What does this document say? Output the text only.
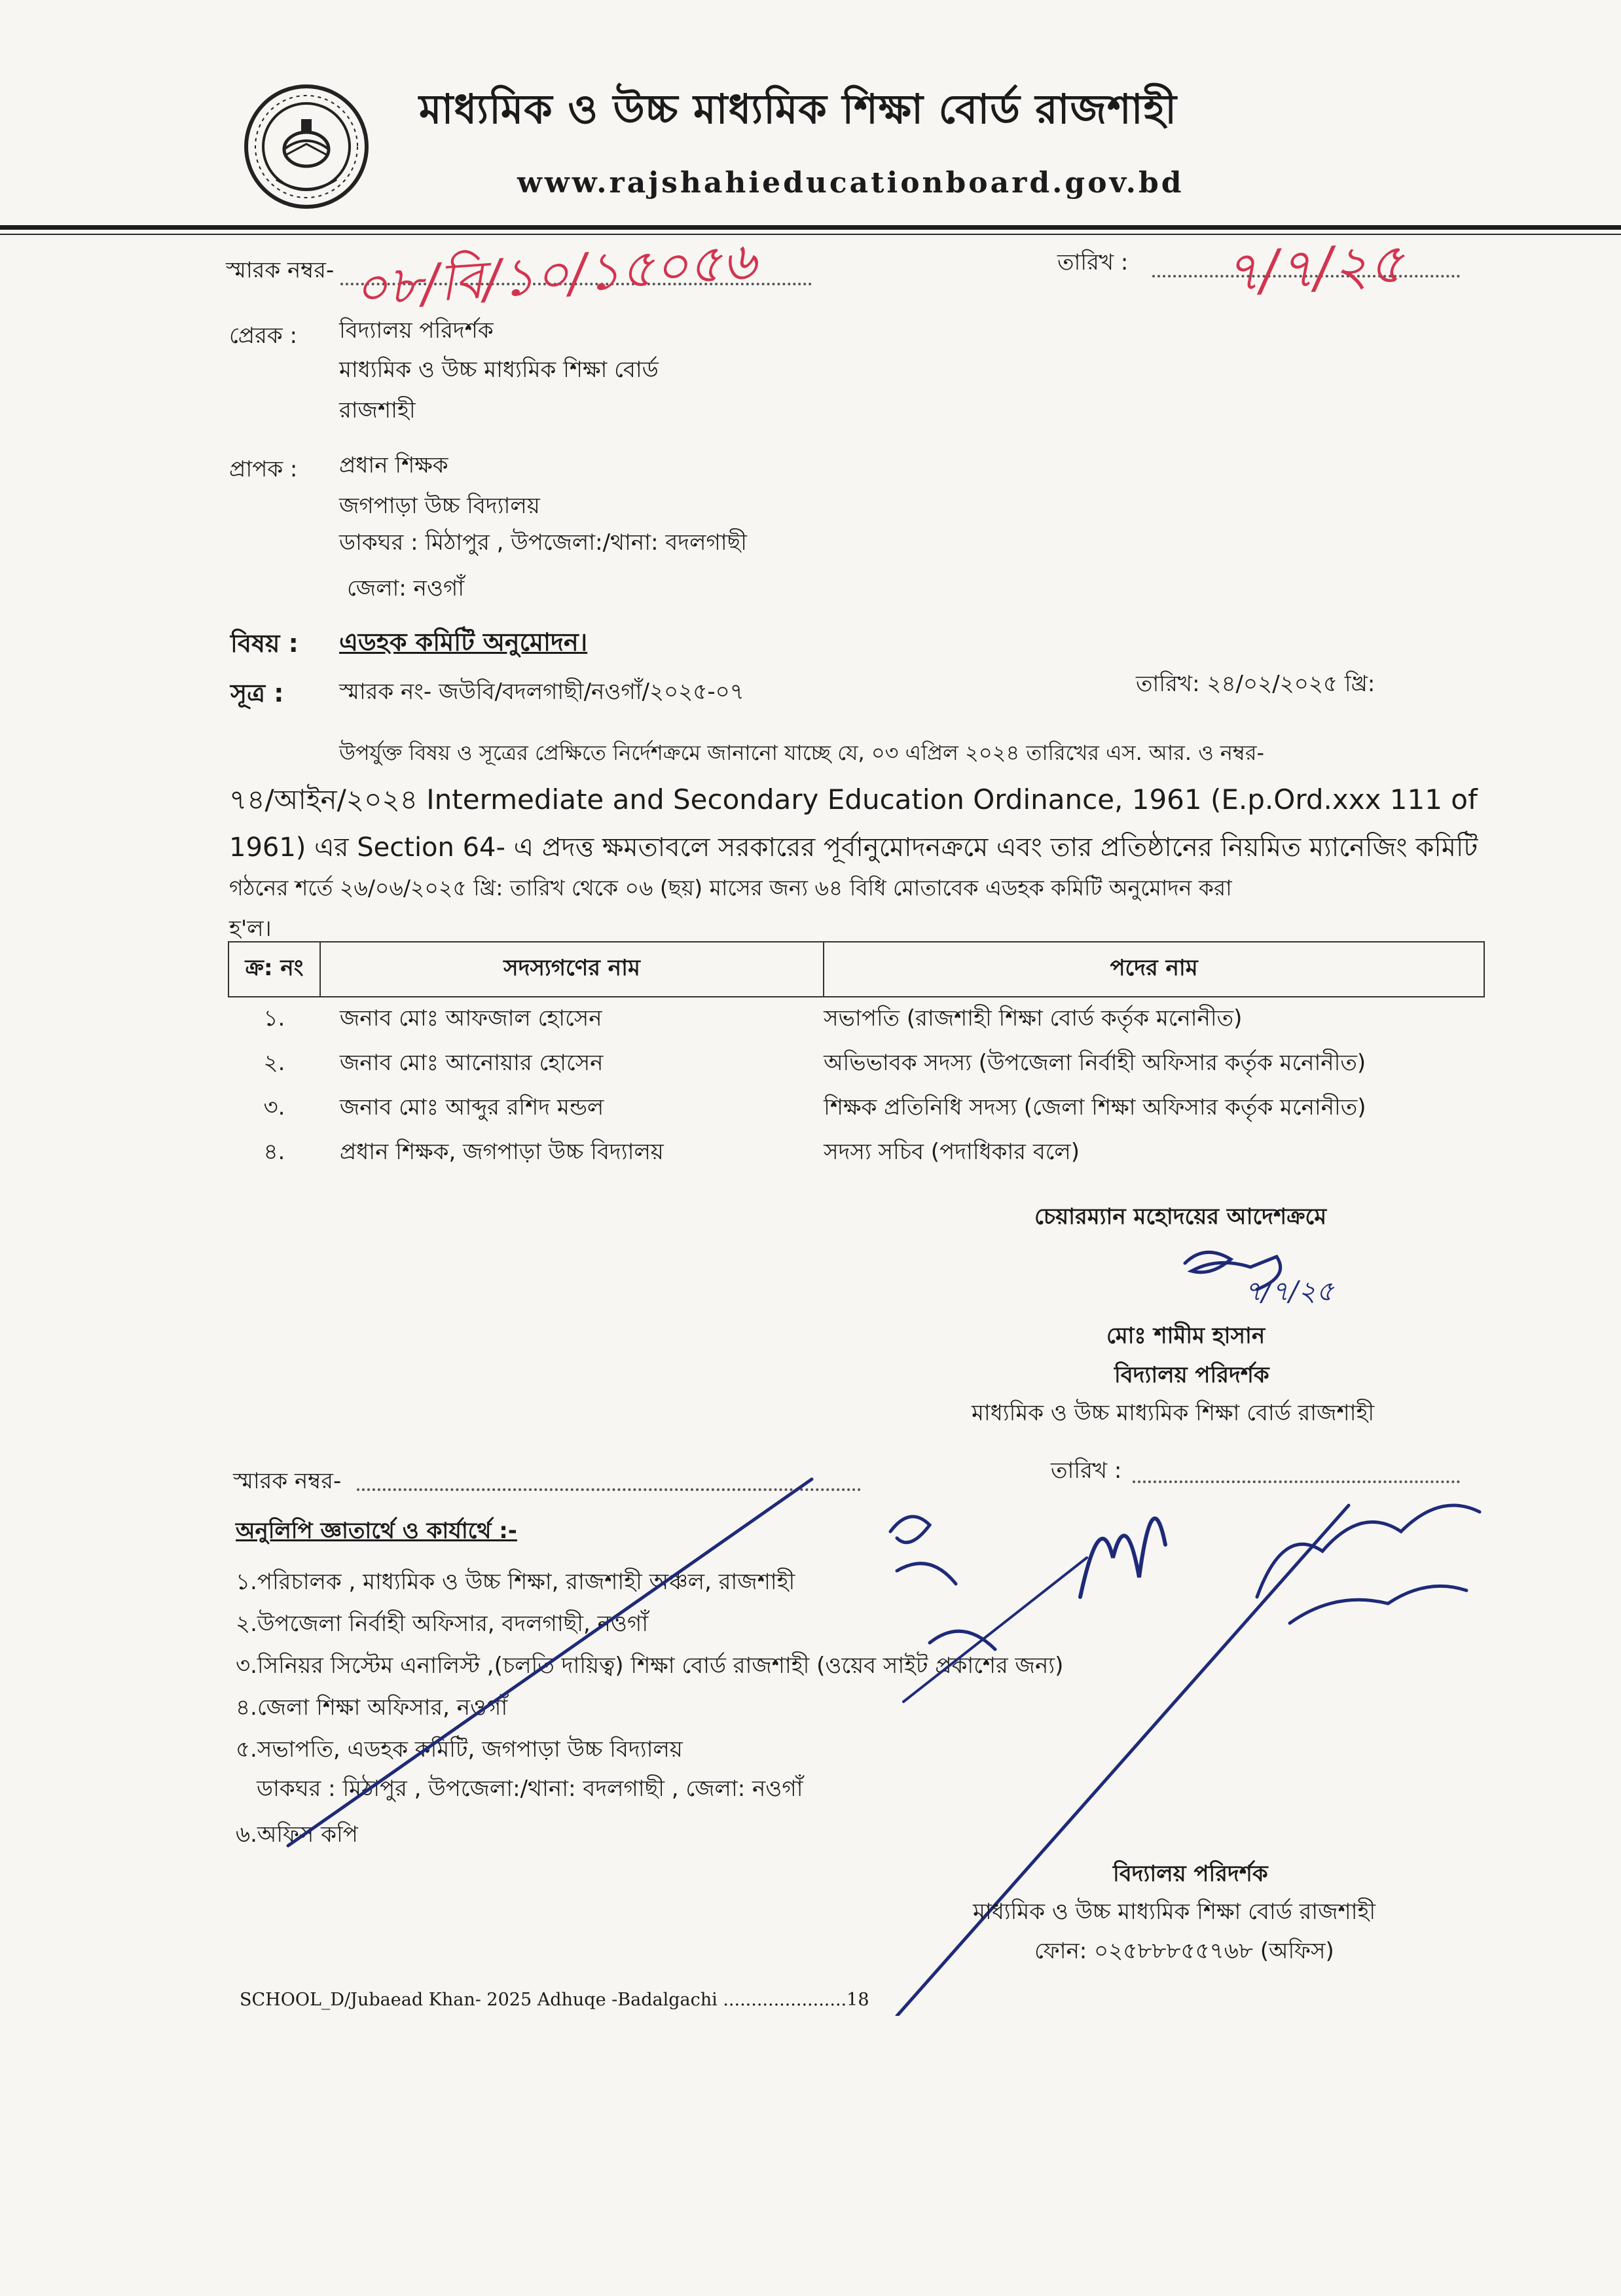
মাধ্যমিক ও উচ্চ মাধ্যমিক শিক্ষা বোর্ড রাজশাহী
www.rajshahieducationboard.gov.bd
স্মারক নম্বর- ০৮/বি/১০/১৫০৫৬	তারিখ : ৭/৭/২৫
প্রেরক : বিদ্যালয় পরিদর্শক
মাধ্যমিক ও উচ্চ মাধ্যমিক শিক্ষা বোর্ড
রাজশাহী
প্রাপক : প্রধান শিক্ষক
জগপাড়া উচ্চ বিদ্যালয়
ডাকঘর : মিঠাপুর , উপজেলা:/থানা: বদলগাছী
জেলা: নওগাঁ
বিষয় : এডহক কমিটি অনুমোদন।
সূত্র : স্মারক নং- জউবি/বদলগাছী/নওগাঁ/২০২৫-০৭	তারিখ: ২৪/০২/২০২৫ খ্রি:
উপর্যুক্ত বিষয় ও সূত্রের প্রেক্ষিতে নির্দেশক্রমে জানানো যাচ্ছে যে, ০৩ এপ্রিল ২০২৪ তারিখের এস. আর. ও নম্বর-
৭৪/আইন/২০২৪ Intermediate and Secondary Education Ordinance, 1961 (E.p.Ord.xxx 111 of
1961) এর Section 64- এ প্রদত্ত ক্ষমতাবলে সরকারের পূর্বানুমোদনক্রমে এবং তার প্রতিষ্ঠানের নিয়মিত ম্যানেজিং কমিটি
গঠনের শর্তে ২৬/০৬/২০২৫ খ্রি: তারিখ থেকে ০৬ (ছয়) মাসের জন্য ৬৪ বিধি মোতাবেক এডহক কমিটি অনুমোদন করা
হ'ল।
ক্র: নং	সদস্যগণের নাম	পদের নাম
১.	জনাব মোঃ আফজাল হোসেন	সভাপতি (রাজশাহী শিক্ষা বোর্ড কর্তৃক মনোনীত)
২.	জনাব মোঃ আনোয়ার হোসেন	অভিভাবক সদস্য (উপজেলা নির্বাহী অফিসার কর্তৃক মনোনীত)
৩.	জনাব মোঃ আব্দুর রশিদ মন্ডল	শিক্ষক প্রতিনিধি সদস্য (জেলা শিক্ষা অফিসার কর্তৃক মনোনীত)
৪.	প্রধান শিক্ষক, জগপাড়া উচ্চ বিদ্যালয়	সদস্য সচিব (পদাধিকার বলে)
চেয়ারম্যান মহোদয়ের আদেশক্রমে
৭/৭/২৫
মোঃ শামীম হাসান
বিদ্যালয় পরিদর্শক
মাধ্যমিক ও উচ্চ মাধ্যমিক শিক্ষা বোর্ড রাজশাহী
স্মারক নম্বর-	তারিখ :
অনুলিপি জ্ঞাতার্থে ও কার্যার্থে :-
১.পরিচালক , মাধ্যমিক ও উচ্চ শিক্ষা, রাজশাহী অঞ্চল, রাজশাহী
২.উপজেলা নির্বাহী অফিসার, বদলগাছী, নওগাঁ
৩.সিনিয়র সিস্টেম এনালিস্ট ,(চলতি দায়িত্ব) শিক্ষা বোর্ড রাজশাহী (ওয়েব সাইট প্রকাশের জন্য)
৪.জেলা শিক্ষা অফিসার, নওগাঁ
৫.সভাপতি, এডহক কমিটি, জগপাড়া উচ্চ বিদ্যালয়
ডাকঘর : মিঠাপুর , উপজেলা:/থানা: বদলগাছী , জেলা: নওগাঁ
৬.অফিস কপি
বিদ্যালয় পরিদর্শক
মাধ্যমিক ও উচ্চ মাধ্যমিক শিক্ষা বোর্ড রাজশাহী
ফোন: ০২৫৮৮৮৫৫৭৬৮ (অফিস)
SCHOOL_D/Jubaead Khan- 2025 Adhuqe -Badalgachi ......................18
